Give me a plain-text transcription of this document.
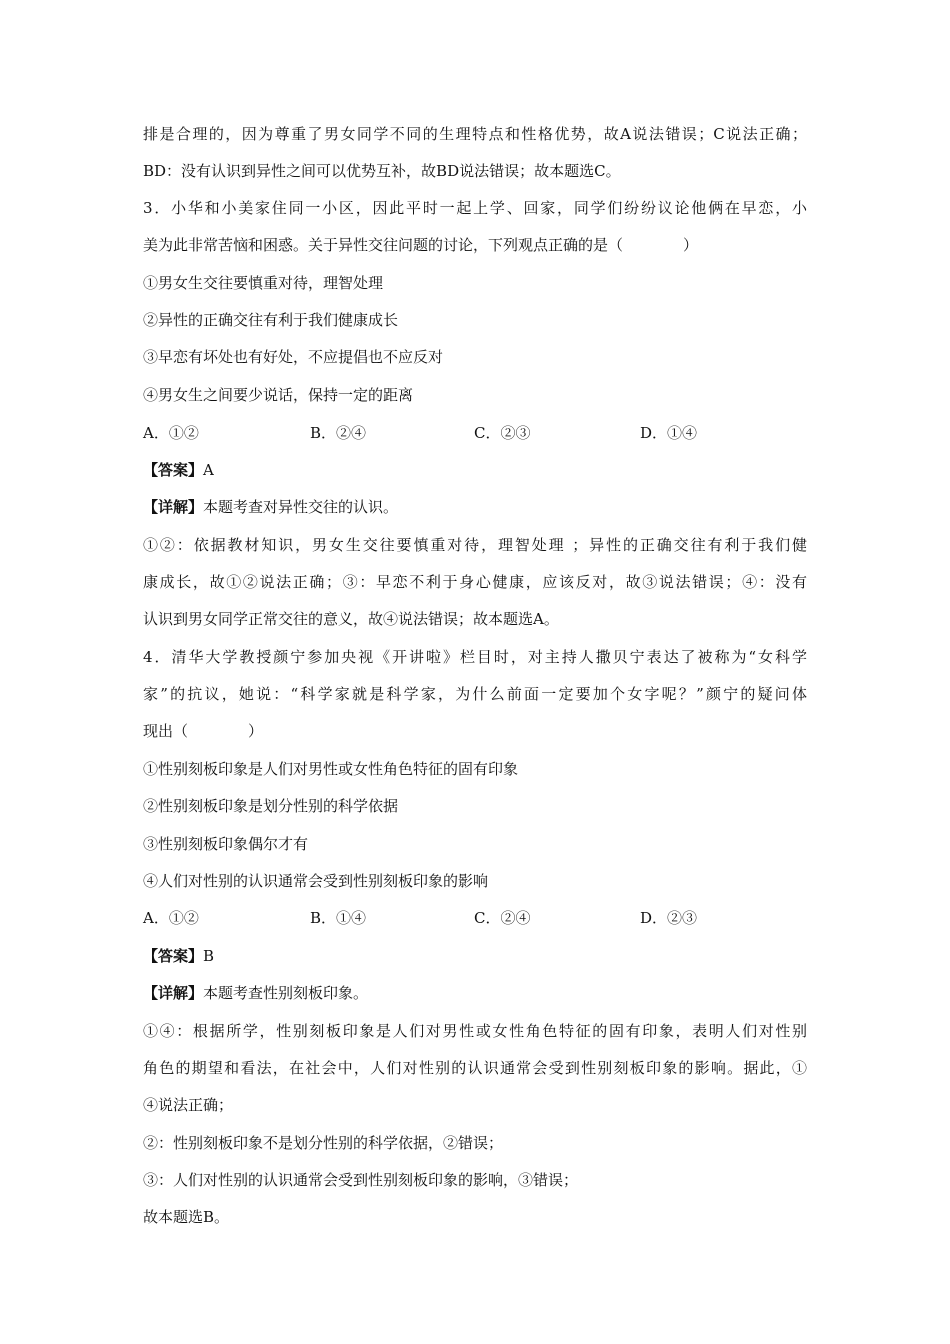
排是合理的，因为尊重了男女同学不同的生理特点和性格优势，故A说法错误；C说法正确；
BD：没有认识到异性之间可以优势互补，故BD说法错误；故本题选C。
3．小华和小美家住同一小区，因此平时一起上学、回家，同学们纷纷议论他俩在早恋，小
美为此非常苦恼和困惑。关于异性交往问题的讨论，下列观点正确的是（　　　　）
①男女生交往要慎重对待，理智处理
②异性的正确交往有利于我们健康成长
③早恋有坏处也有好处，不应提倡也不应反对
④男女生之间要少说话，保持一定的距离
A．①②	B．②④	C．②③	D．①④
【答案】A
【详解】本题考查对异性交往的认识。
①②：依据教材知识，男女生交往要慎重对待，理智处理 ；异性的正确交往有利于我们健
康成长，故①②说法正确；③：早恋不利于身心健康，应该反对，故③说法错误；④：没有
认识到男女同学正常交往的意义，故④说法错误；故本题选A。
4．清华大学教授颜宁参加央视《开讲啦》栏目时，对主持人撒贝宁表达了被称为“女科学
家”的抗议，她说：“科学家就是科学家，为什么前面一定要加个女字呢？”颜宁的疑问体
现出（　　　　）
①性别刻板印象是人们对男性或女性角色特征的固有印象
②性别刻板印象是划分性别的科学依据
③性别刻板印象偶尔才有
④人们对性别的认识通常会受到性别刻板印象的影响
A．①②	B．①④	C．②④	D．②③
【答案】B
【详解】本题考查性别刻板印象。
①④：根据所学，性别刻板印象是人们对男性或女性角色特征的固有印象，表明人们对性别
角色的期望和看法，在社会中，人们对性别的认识通常会受到性别刻板印象的影响。据此，①
④说法正确；
②：性别刻板印象不是划分性别的科学依据，②错误；
③：人们对性别的认识通常会受到性别刻板印象的影响，③错误；
故本题选B。
